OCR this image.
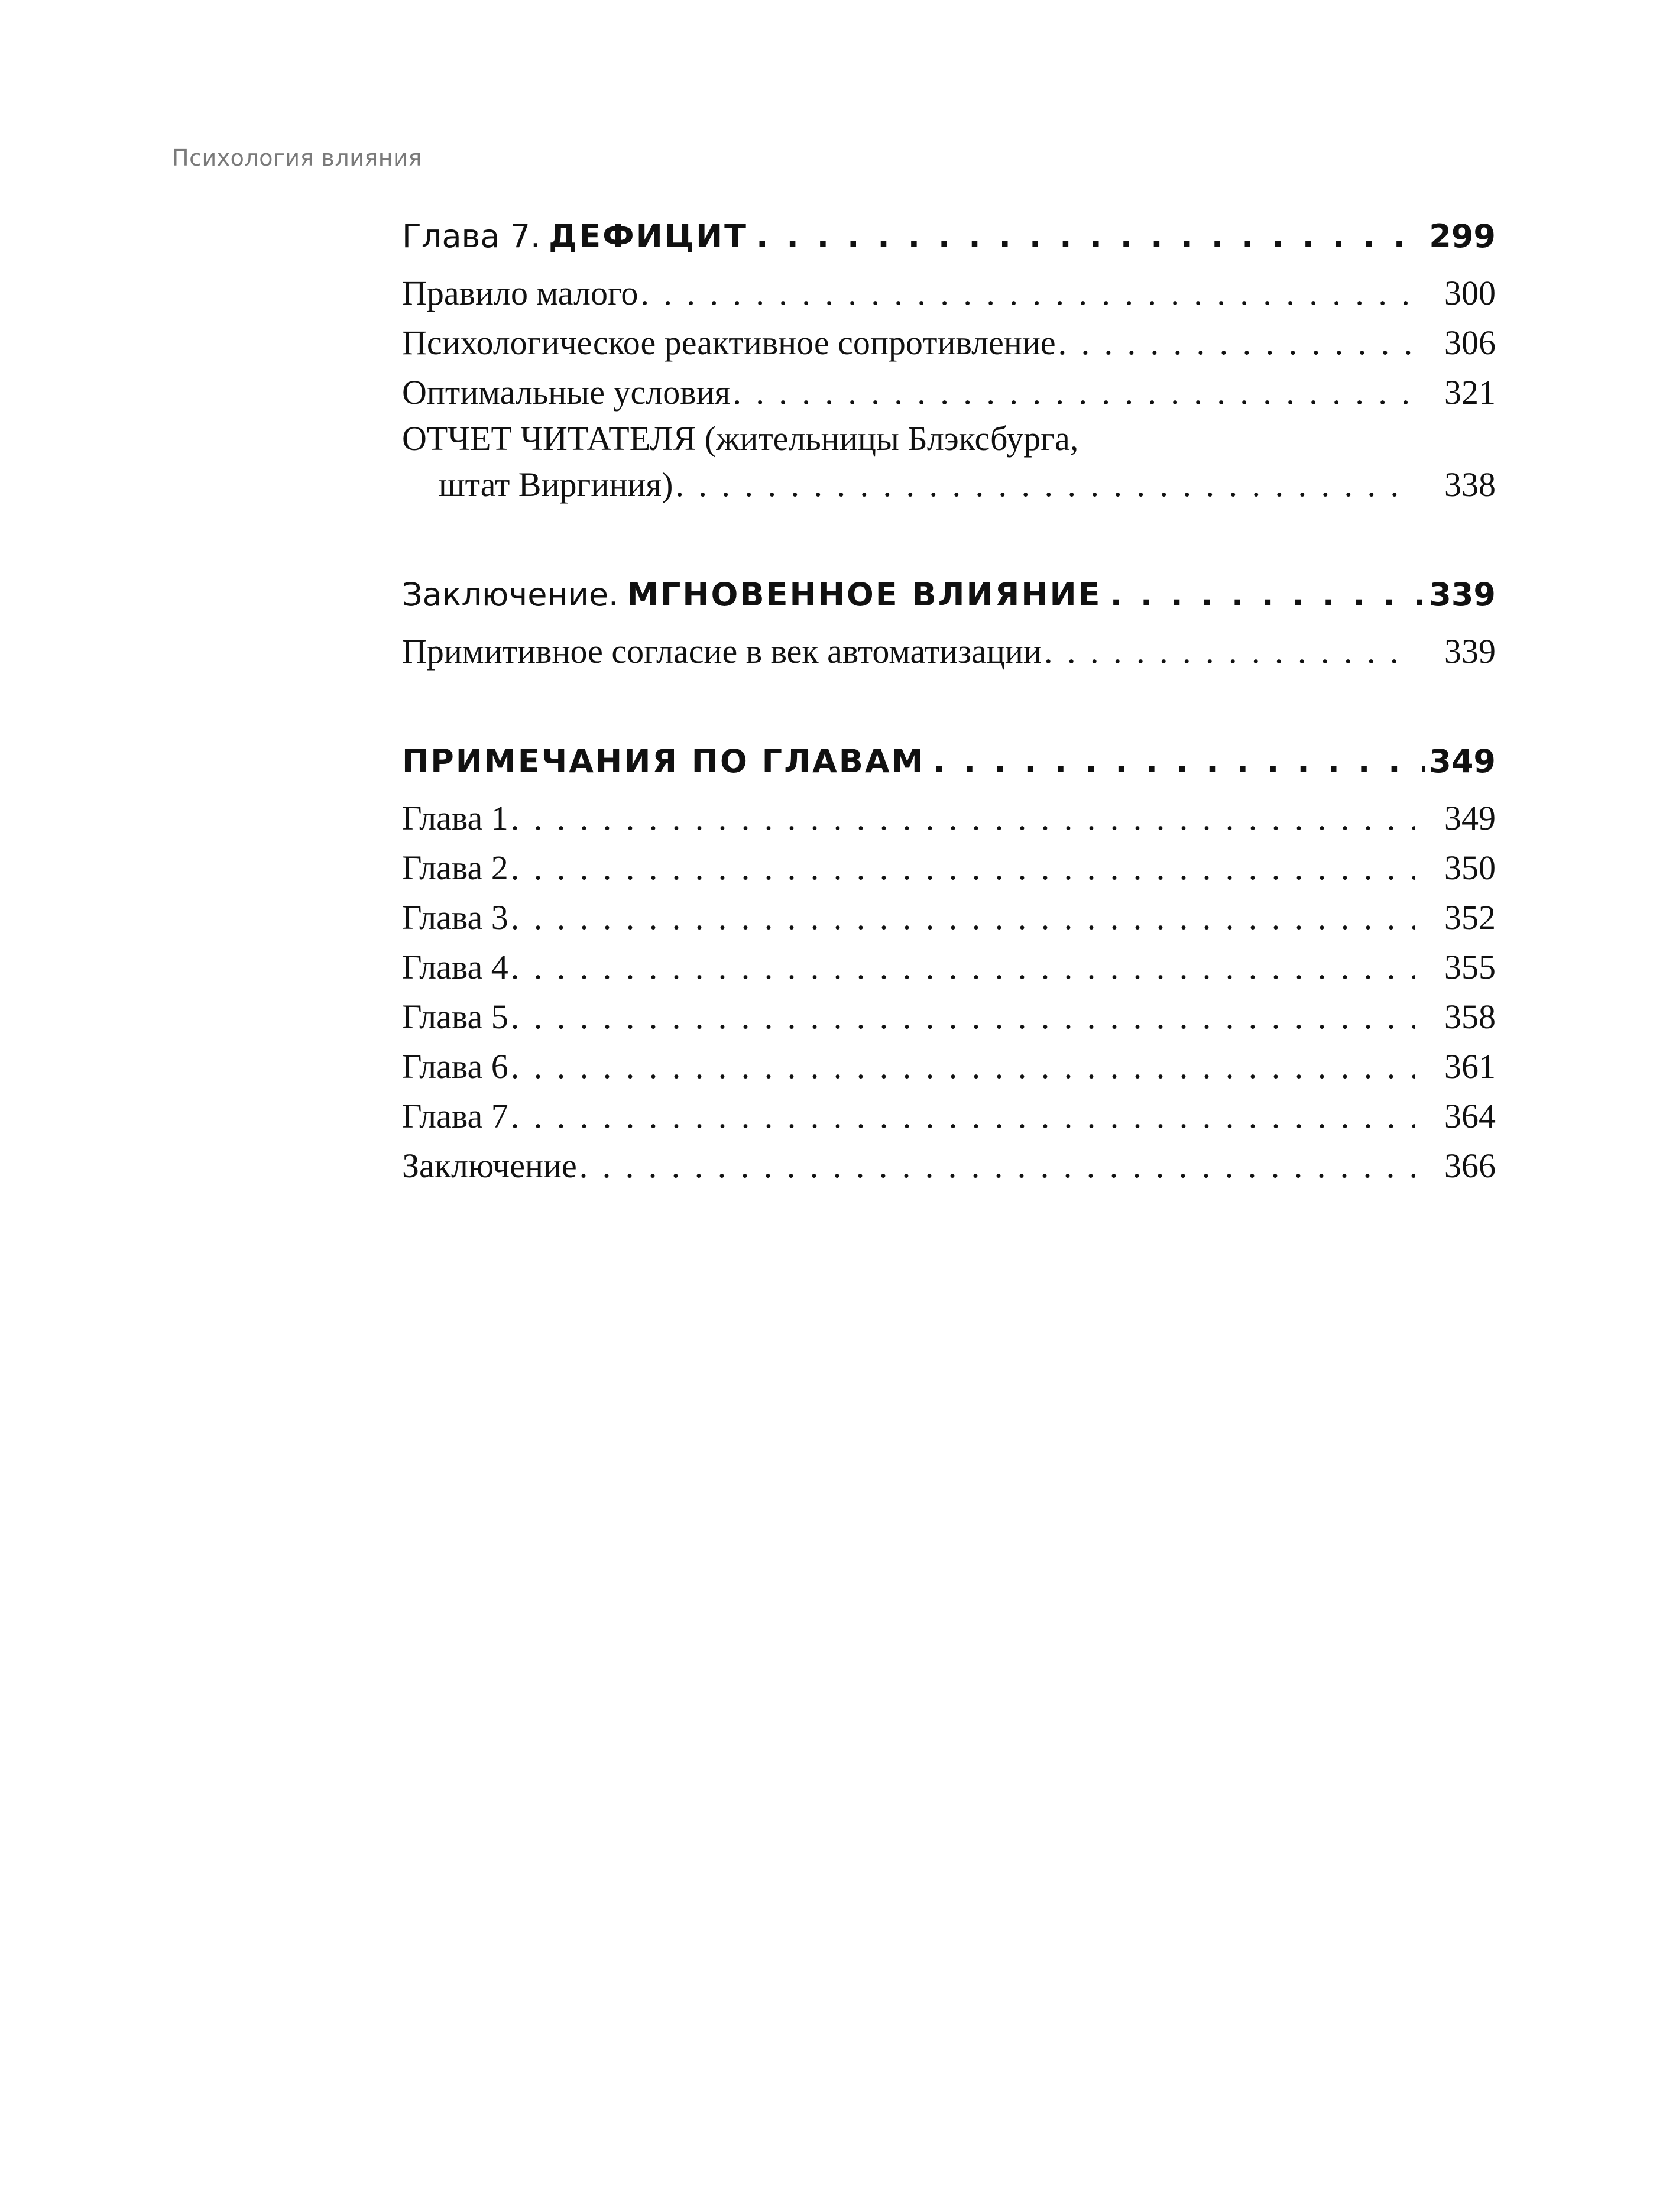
Психология влияния
Глава 7. ДЕФИЦИТ . . .	299
Правило малого . . .	300
Психологическое реактивное сопротивление . . .	306
Оптимальные условия . . .	321
ОТЧЕТ ЧИТАТЕЛЯ (жительницы Блэксбурга,
штат Виргиния) . . .	338
Заключение. МГНОВЕННОЕ ВЛИЯНИЕ . . .	339
Примитивное согласие в век автоматизации . . .	339
ПРИМЕЧАНИЯ ПО ГЛАВАМ . . .	349
Глава 1 . . .	349
Глава 2 . . .	350
Глава 3 . . .	352
Глава 4 . . .	355
Глава 5 . . .	358
Глава 6 . . .	361
Глава 7 . . .	364
Заключение . . .	366
